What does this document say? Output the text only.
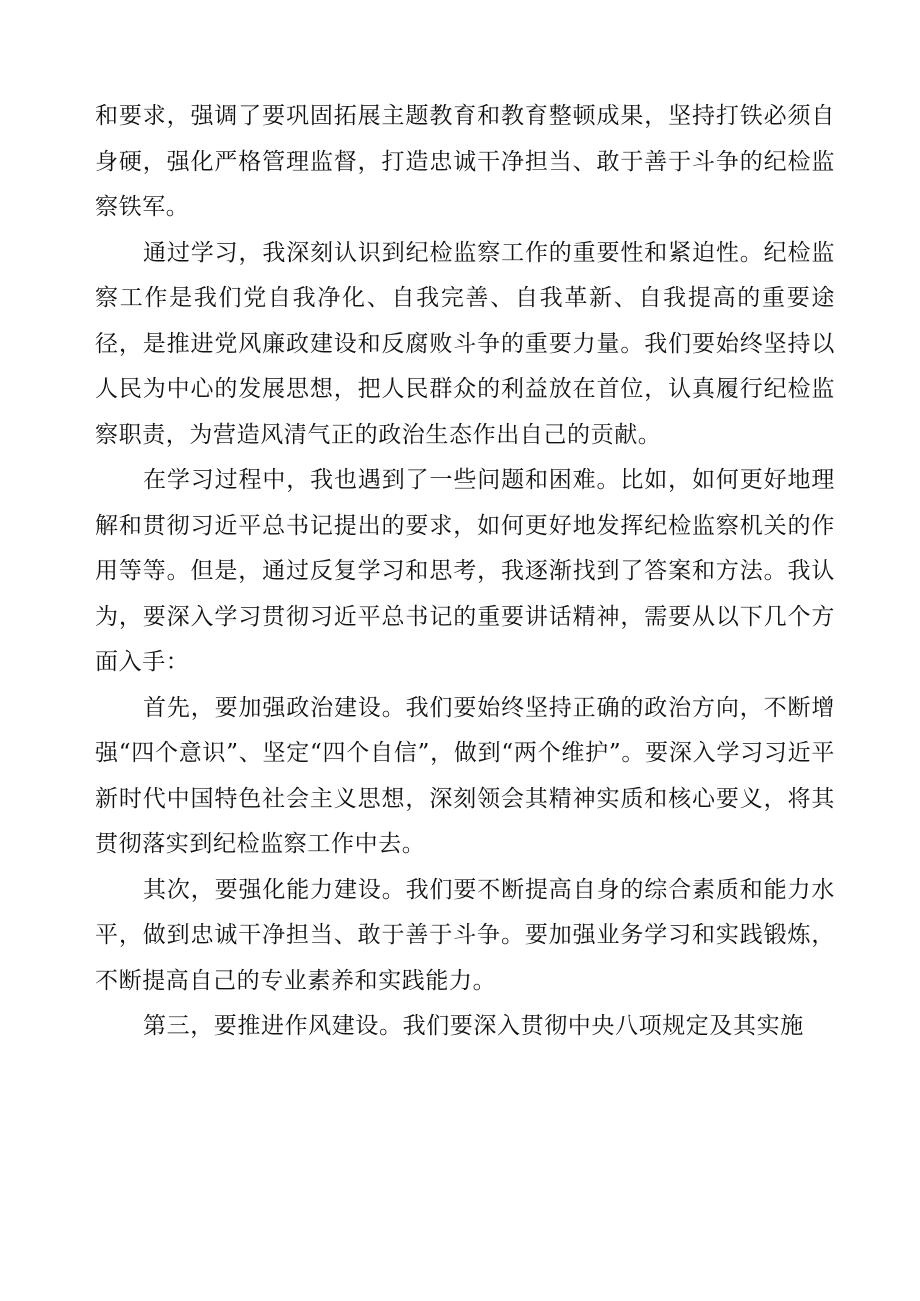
和要求，强调了要巩固拓展主题教育和教育整顿成果，坚持打铁必须自身硬，强化严格管理监督，打造忠诚干净担当、敢于善于斗争的纪检监察铁军。

通过学习，我深刻认识到纪检监察工作的重要性和紧迫性。纪检监察工作是我们党自我净化、自我完善、自我革新、自我提高的重要途径，是推进党风廉政建设和反腐败斗争的重要力量。我们要始终坚持以人民为中心的发展思想，把人民群众的利益放在首位，认真履行纪检监察职责，为营造风清气正的政治生态作出自己的贡献。

在学习过程中，我也遇到了一些问题和困难。比如，如何更好地理解和贯彻习近平总书记提出的要求，如何更好地发挥纪检监察机关的作用等等。但是，通过反复学习和思考，我逐渐找到了答案和方法。我认为，要深入学习贯彻习近平总书记的重要讲话精神，需要从以下几个方面入手：

首先，要加强政治建设。我们要始终坚持正确的政治方向，不断增强“四个意识”、坚定“四个自信”，做到“两个维护”。要深入学习习近平新时代中国特色社会主义思想，深刻领会其精神实质和核心要义，将其贯彻落实到纪检监察工作中去。

其次，要强化能力建设。我们要不断提高自身的综合素质和能力水平，做到忠诚干净担当、敢于善于斗争。要加强业务学习和实践锻炼，不断提高自己的专业素养和实践能力。

第三，要推进作风建设。我们要深入贯彻中央八项规定及其实施
